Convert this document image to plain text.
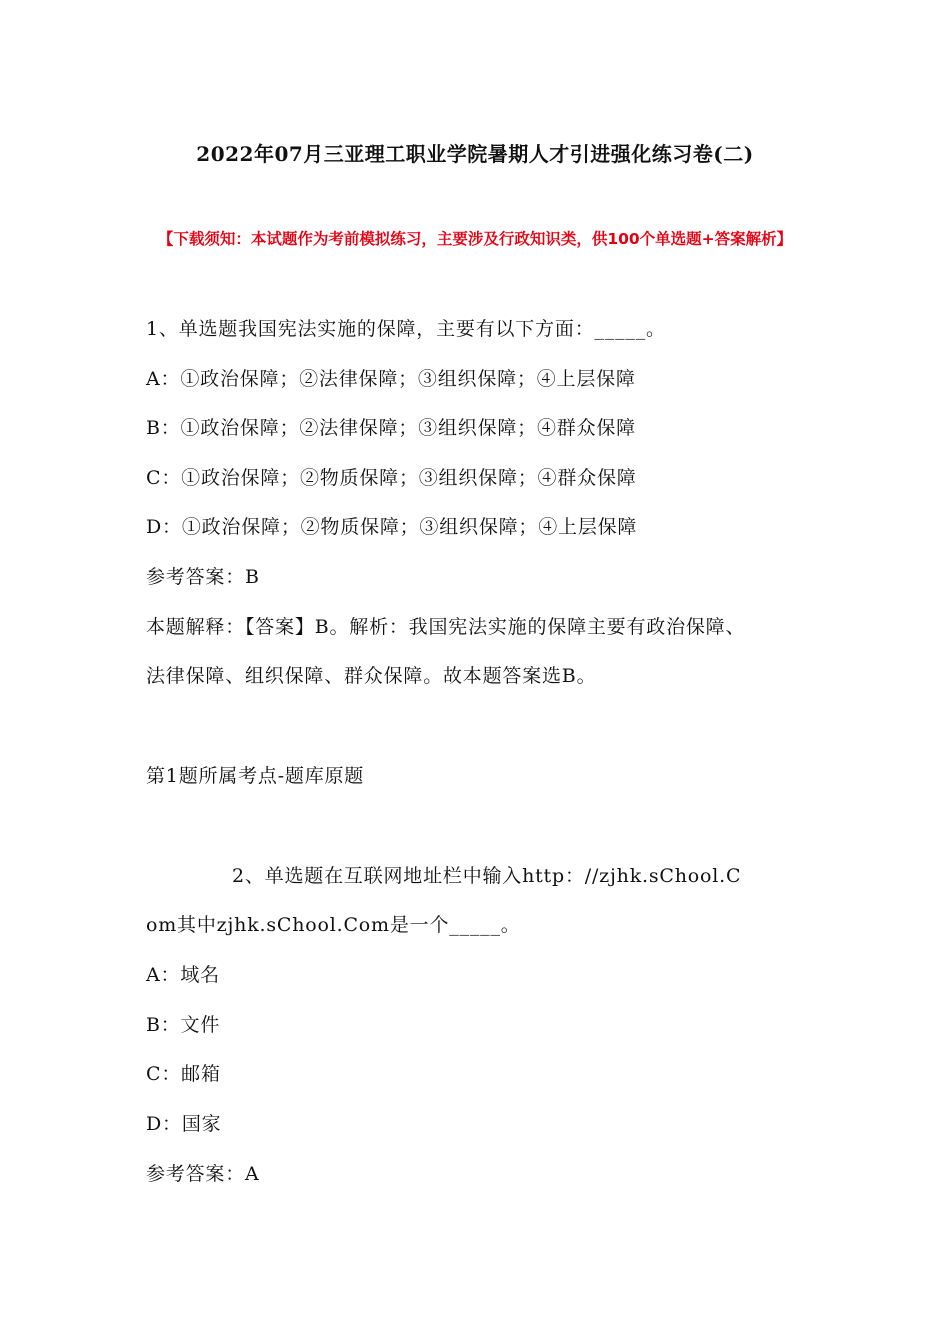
2022年07月三亚理工职业学院暑期人才引进强化练习卷(二)
【下载须知：本试题作为考前模拟练习，主要涉及行政知识类，供100个单选题+答案解析】
1、单选题我国宪法实施的保障，主要有以下方面：_____。
A：①政治保障；②法律保障；③组织保障；④上层保障
B：①政治保障；②法律保障；③组织保障；④群众保障
C：①政治保障；②物质保障；③组织保障；④群众保障
D：①政治保障；②物质保障；③组织保障；④上层保障
参考答案：B
本题解释：【答案】B。解析：我国宪法实施的保障主要有政治保障、
法律保障、组织保障、群众保障。故本题答案选B。
第1题所属考点-题库原题
2、单选题在互联网地址栏中输入http：//zjhk.sChool.C
om其中zjhk.sChool.Com是一个_____。
A：域名
B：文件
C：邮箱
D：国家
参考答案：A
